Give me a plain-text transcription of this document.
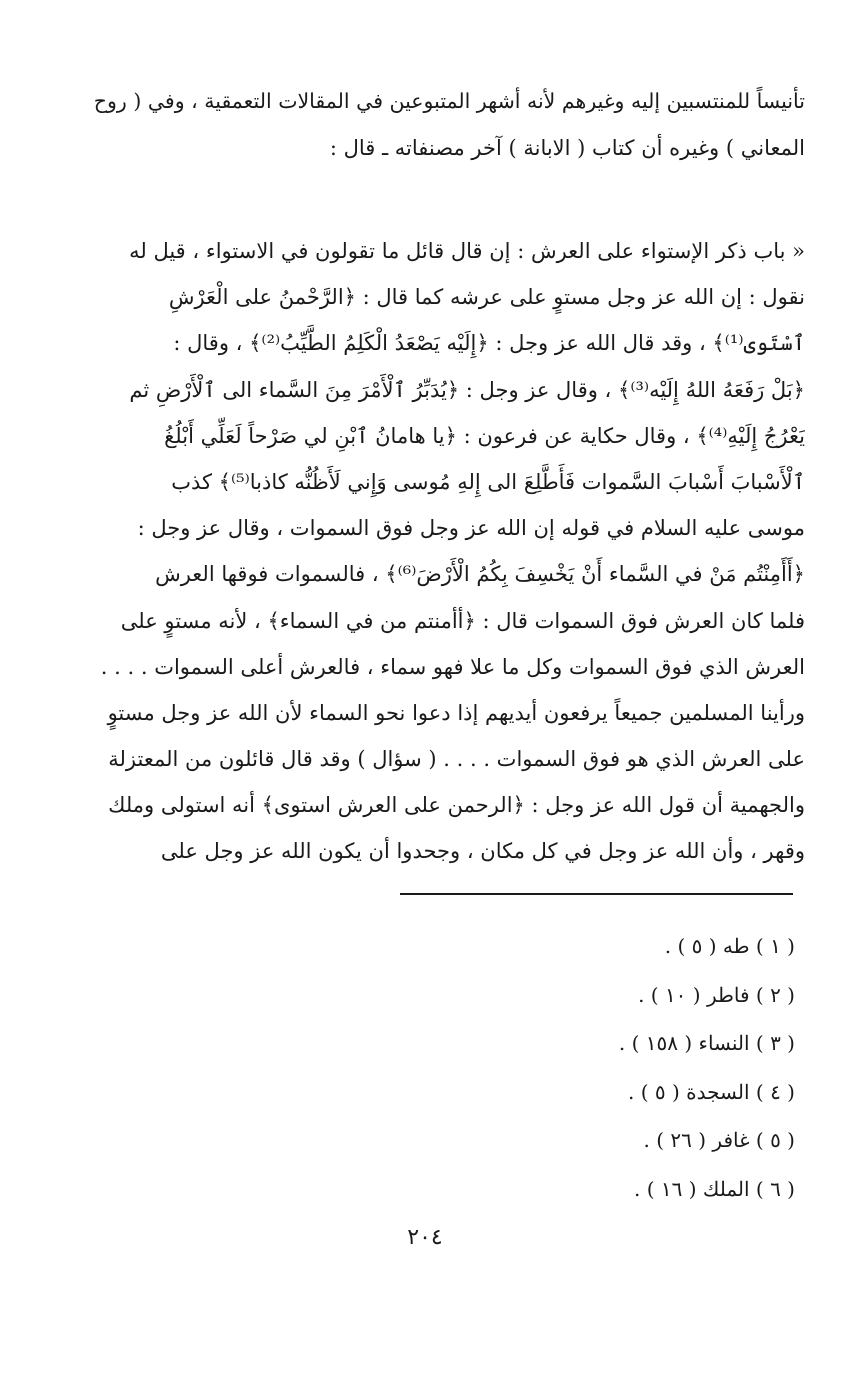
تأنيساً للمنتسبين إليه وغيرهم لأنه أشهر المتبوعين في المقالات التعمقية ، وفي ( روح
المعاني ) وغيره أن كتاب ( الابانة ) آخر مصنفاته ـ قال :
« باب ذكر الإستواء على العرش : إن قال قائل ما تقولون في الاستواء ، قيل له
نقول : إن الله عز وجل مستوٍ على عرشه كما قال : ﴿الرَّحْمنُ على الْعَرْشِ
ٱسْتَوى⁽¹⁾﴾ ، وقد قال الله عز وجل : ﴿إِلَيْه يَصْعَدُ الْكَلِمُ الطَّيِّبُ⁽²⁾﴾ ، وقال :
﴿بَلْ رَفَعَهُ اللهُ إِلَيْه⁽³⁾﴾ ، وقال عز وجل : ﴿يُدَبِّرُ ٱلْأَمْرَ مِنَ السَّماء الى ٱلْأَرْضِ ثم
يَعْرُجُ إِلَيْهِ⁽⁴⁾﴾ ، وقال حكاية عن فرعون : ﴿يا هامانُ ٱبْنِ لي صَرْحاً لَعَلِّي أَبْلُغُ
ٱلْأَسْبابَ أَسْبابَ السَّموات فَأَطَّلِعَ الى إِلهِ مُوسى وَإِني لَأَظُنُّه كاذبا⁽⁵⁾﴾ كذب
موسى عليه السلام في قوله إن الله عز وجل فوق السموات ، وقال عز وجل :
﴿أَأَمِنْتُم مَنْ في السَّماء أَنْ يَخْسِفَ بِكُمُ الْأَرْضَ⁽⁶⁾﴾ ، فالسموات فوقها العرش
فلما كان العرش فوق السموات قال : ﴿أأمنتم من في السماء﴾ ، لأنه مستوٍ على
العرش الذي فوق السموات وكل ما علا فهو سماء ، فالعرش أعلى السموات . . . .
ورأينا المسلمين جميعاً يرفعون أيديهم إذا دعوا نحو السماء لأن الله عز وجل مستوٍ
على العرش الذي هو فوق السموات . . . . ( سؤال ) وقد قال قائلون من المعتزلة
والجهمية أن قول الله عز وجل : ﴿الرحمن على العرش استوى﴾ أنه استولى وملك
وقهر ، وأن الله عز وجل في كل مكان ، وجحدوا أن يكون الله عز وجل على
( ١ ) طه ( ٥ ) .
( ٢ ) فاطر ( ١٠ ) .
( ٣ ) النساء ( ١٥٨ ) .
( ٤ ) السجدة ( ٥ ) .
( ٥ ) غافر ( ٢٦ ) .
( ٦ ) الملك ( ١٦ ) .
٢٠٤
